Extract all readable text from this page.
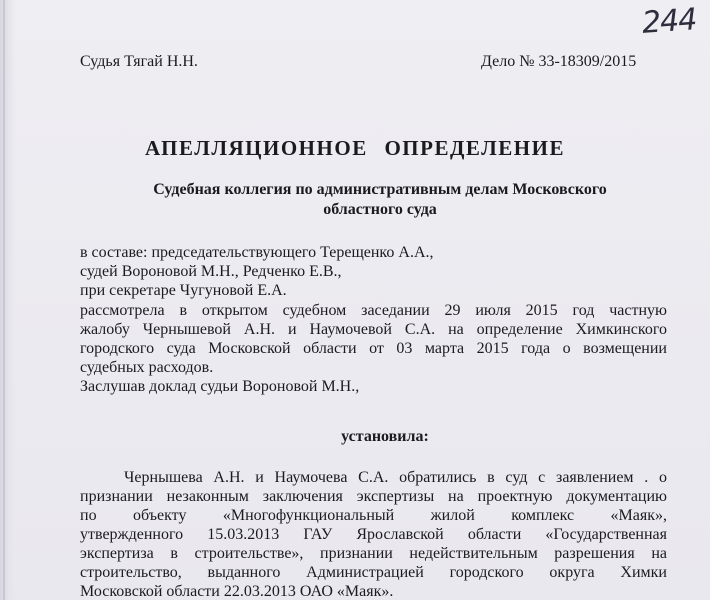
244
Судья Тягай Н.Н.	Дело № 33-18309/2015
АПЕЛЛЯЦИОННОЕ ОПРЕДЕЛЕНИЕ
Судебная коллегия по административным делам Московского
областного суда

в составе: председательствующего Терещенко А.А.,

судей Вороновой М.Н., Редченко Е.В.,

при секретаре Чугуновой Е.А.

рассмотрела в открытом судебном заседании 29 июля 2015 год частную
жалобу Чернышевой А.Н. и Наумочевой С.А. на определение Химкинского
городского суда Московской области от 03 марта 2015 года о возмещении
судебных расходов.

Заслушав доклад судьи Вороновой М.Н.,

установила:
Чернышева А.Н. и Наумочева С.А. обратились в суд с заявлением . о
признании незаконным заключения экспертизы на проектную документацию
по объекту «Многофункциональный жилой комплекс «Маяк»,
утвержденного 15.03.2013 ГАУ Ярославской области «Государственная
экспертиза в строительстве», признании недействительным разрешения на
строительство, выданного Администрацией городского округа Химки
Московской области 22.03.2013 ОАО «Маяк».
